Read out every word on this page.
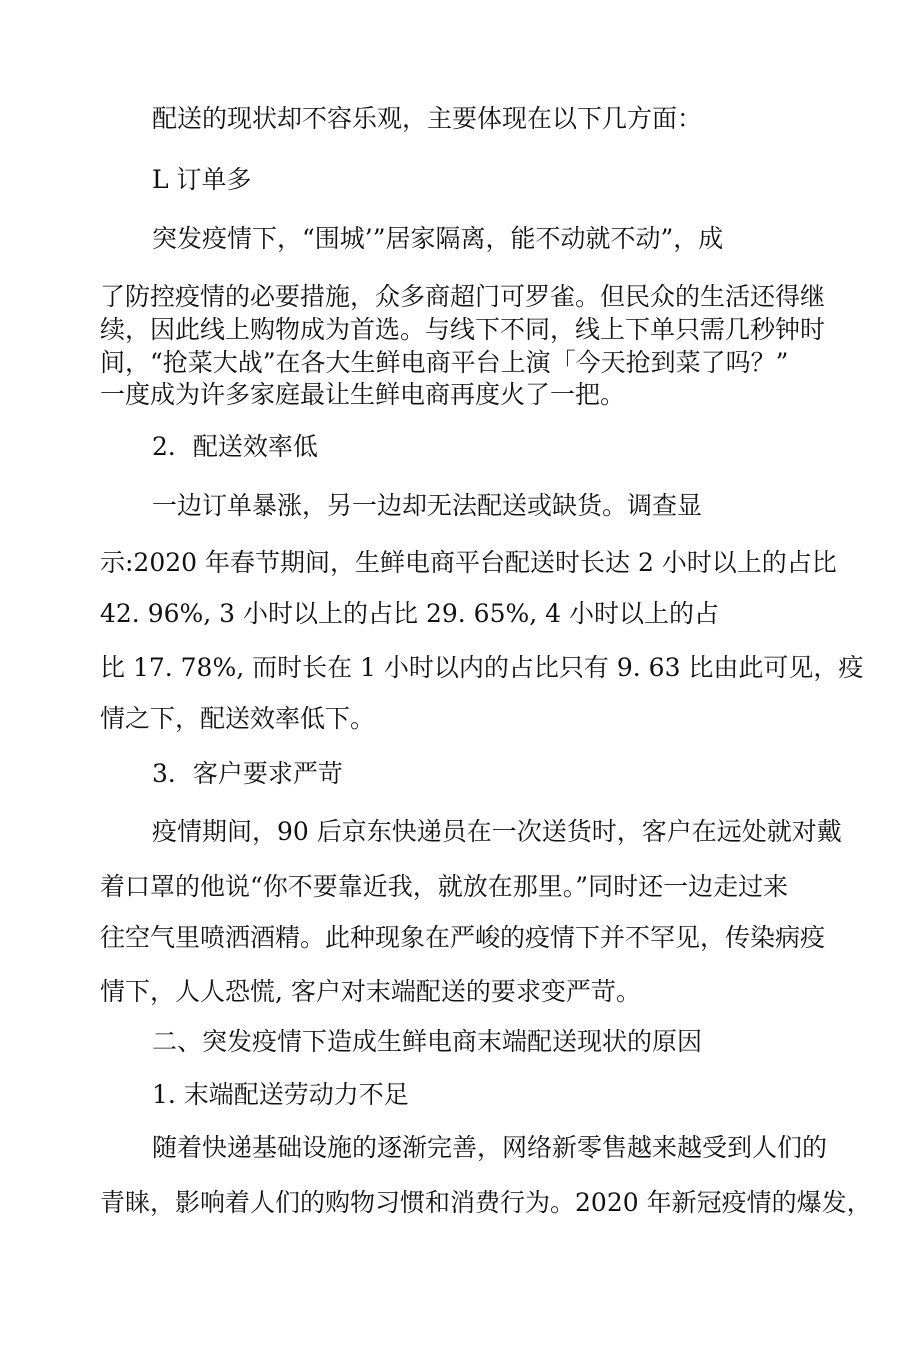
配送的现状却不容乐观，主要体现在以下几方面：
L 订单多
突发疫情下，“围城’”居家隔离，能不动就不动”，成
了防控疫情的必要措施，众多商超门可罗雀。但民众的生活还得继
续，因此线上购物成为首选。与线下不同，线上下单只需几秒钟时
间，“抢菜大战”在各大生鲜电商平台上演「今天抢到菜了吗？”
一度成为许多家庭最让生鲜电商再度火了一把。
2．配送效率低
一边订单暴涨，另一边却无法配送或缺货。调查显
示:2020 年春节期间，生鲜电商平台配送时长达 2 小时以上的占比
42. 96%, 3 小时以上的占比 29. 65%, 4 小时以上的占
比 17. 78%, 而时长在 1 小时以内的占比只有 9. 63 比由此可见，疫
情之下，配送效率低下。
3．客户要求严苛
疫情期间，90 后京东快递员在一次送货时，客户在远处就对戴
着口罩的他说“你不要靠近我，就放在那里。”同时还一边走过来
往空气里喷洒酒精。此种现象在严峻的疫情下并不罕见，传染病疫
情下，人人恐慌, 客户对末端配送的要求变严苛。
二、突发疫情下造成生鲜电商末端配送现状的原因
1. 末端配送劳动力不足
随着快递基础设施的逐渐完善，网络新零售越来越受到人们的
青睐，影响着人们的购物习惯和消费行为。2020 年新冠疫情的爆发，
